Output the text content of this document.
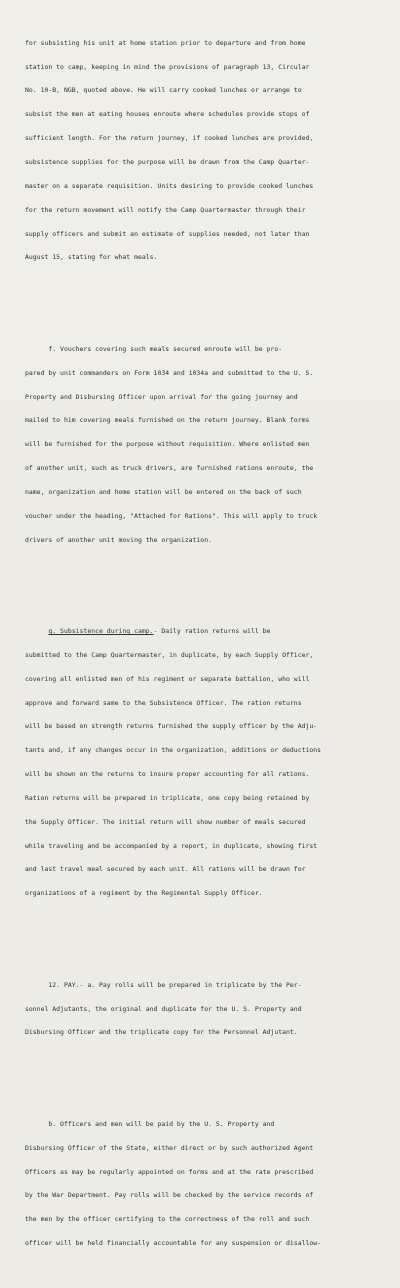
for subsisting his unit at home station prior to departure and from home

station to camp, keeping in mind the provisions of paragraph 13, Circular

No. 10-B, NGB, quoted above. He will carry cooked lunches or arrange to

subsist the men at eating houses enroute where schedules provide stops of

sufficient length. For the return journey, if cooked lunches are provided,

subsistence supplies for the purpose will be drawn from the Camp Quarter-

master on a separate requisition. Units desiring to provide cooked lunches

for the return movement will notify the Camp Quartermaster through their

supply officers and submit an estimate of supplies needed, not later than

August 15, stating for what meals.

f. Vouchers covering such meals secured enroute will be pro-

pared by unit commanders on Form 1034 and 1034a and submitted to the U. S.

Property and Disbursing Officer upon arrival for the going journey and

mailed to him covering meals furnished on the return journey. Blank forms

will be furnished for the purpose without requisition. Where enlisted men

of another unit, such as truck drivers, are furnished rations enroute, the

name, organization and home station will be entered on the back of such

voucher under the heading, "Attached for Rations". This will apply to truck

drivers of another unit moving the organization.

g. Subsistence during camp.- Daily ration returns will be

submitted to the Camp Quartermaster, in duplicate, by each Supply Officer,

covering all enlisted men of his regiment or separate battalion, who will

approve and forward same to the Subsistence Officer. The ration returns

will be based on strength returns furnished the supply officer by the Adju-

tants and, if any changes occur in the organization, additions or deductions

will be shown on the returns to insure proper accounting for all rations.

Ration returns will be prepared in triplicate, one copy being retained by

the Supply Officer. The initial return will show number of meals secured

while traveling and be accompanied by a report, in duplicate, showing first

and last travel meal secured by each unit. All rations will be drawn for

organizations of a regiment by the Regimental Supply Officer.

12. PAY.- a. Pay rolls will be prepared in triplicate by the Per-

sonnel Adjutants, the original and duplicate for the U. S. Property and

Disbursing Officer and the triplicate copy for the Personnel Adjutant.

b. Officers and men will be paid by the U. S. Property and

Disbursing Officer of the State, either direct or by such authorized Agent

Officers as may be regularly appointed on forms and at the rate prescribed

by the War Department. Pay rolls will be checked by the service records of

the men by the officer certifying to the correctness of the roll and such

officer will be held financially accountable for any suspension or disallow-
